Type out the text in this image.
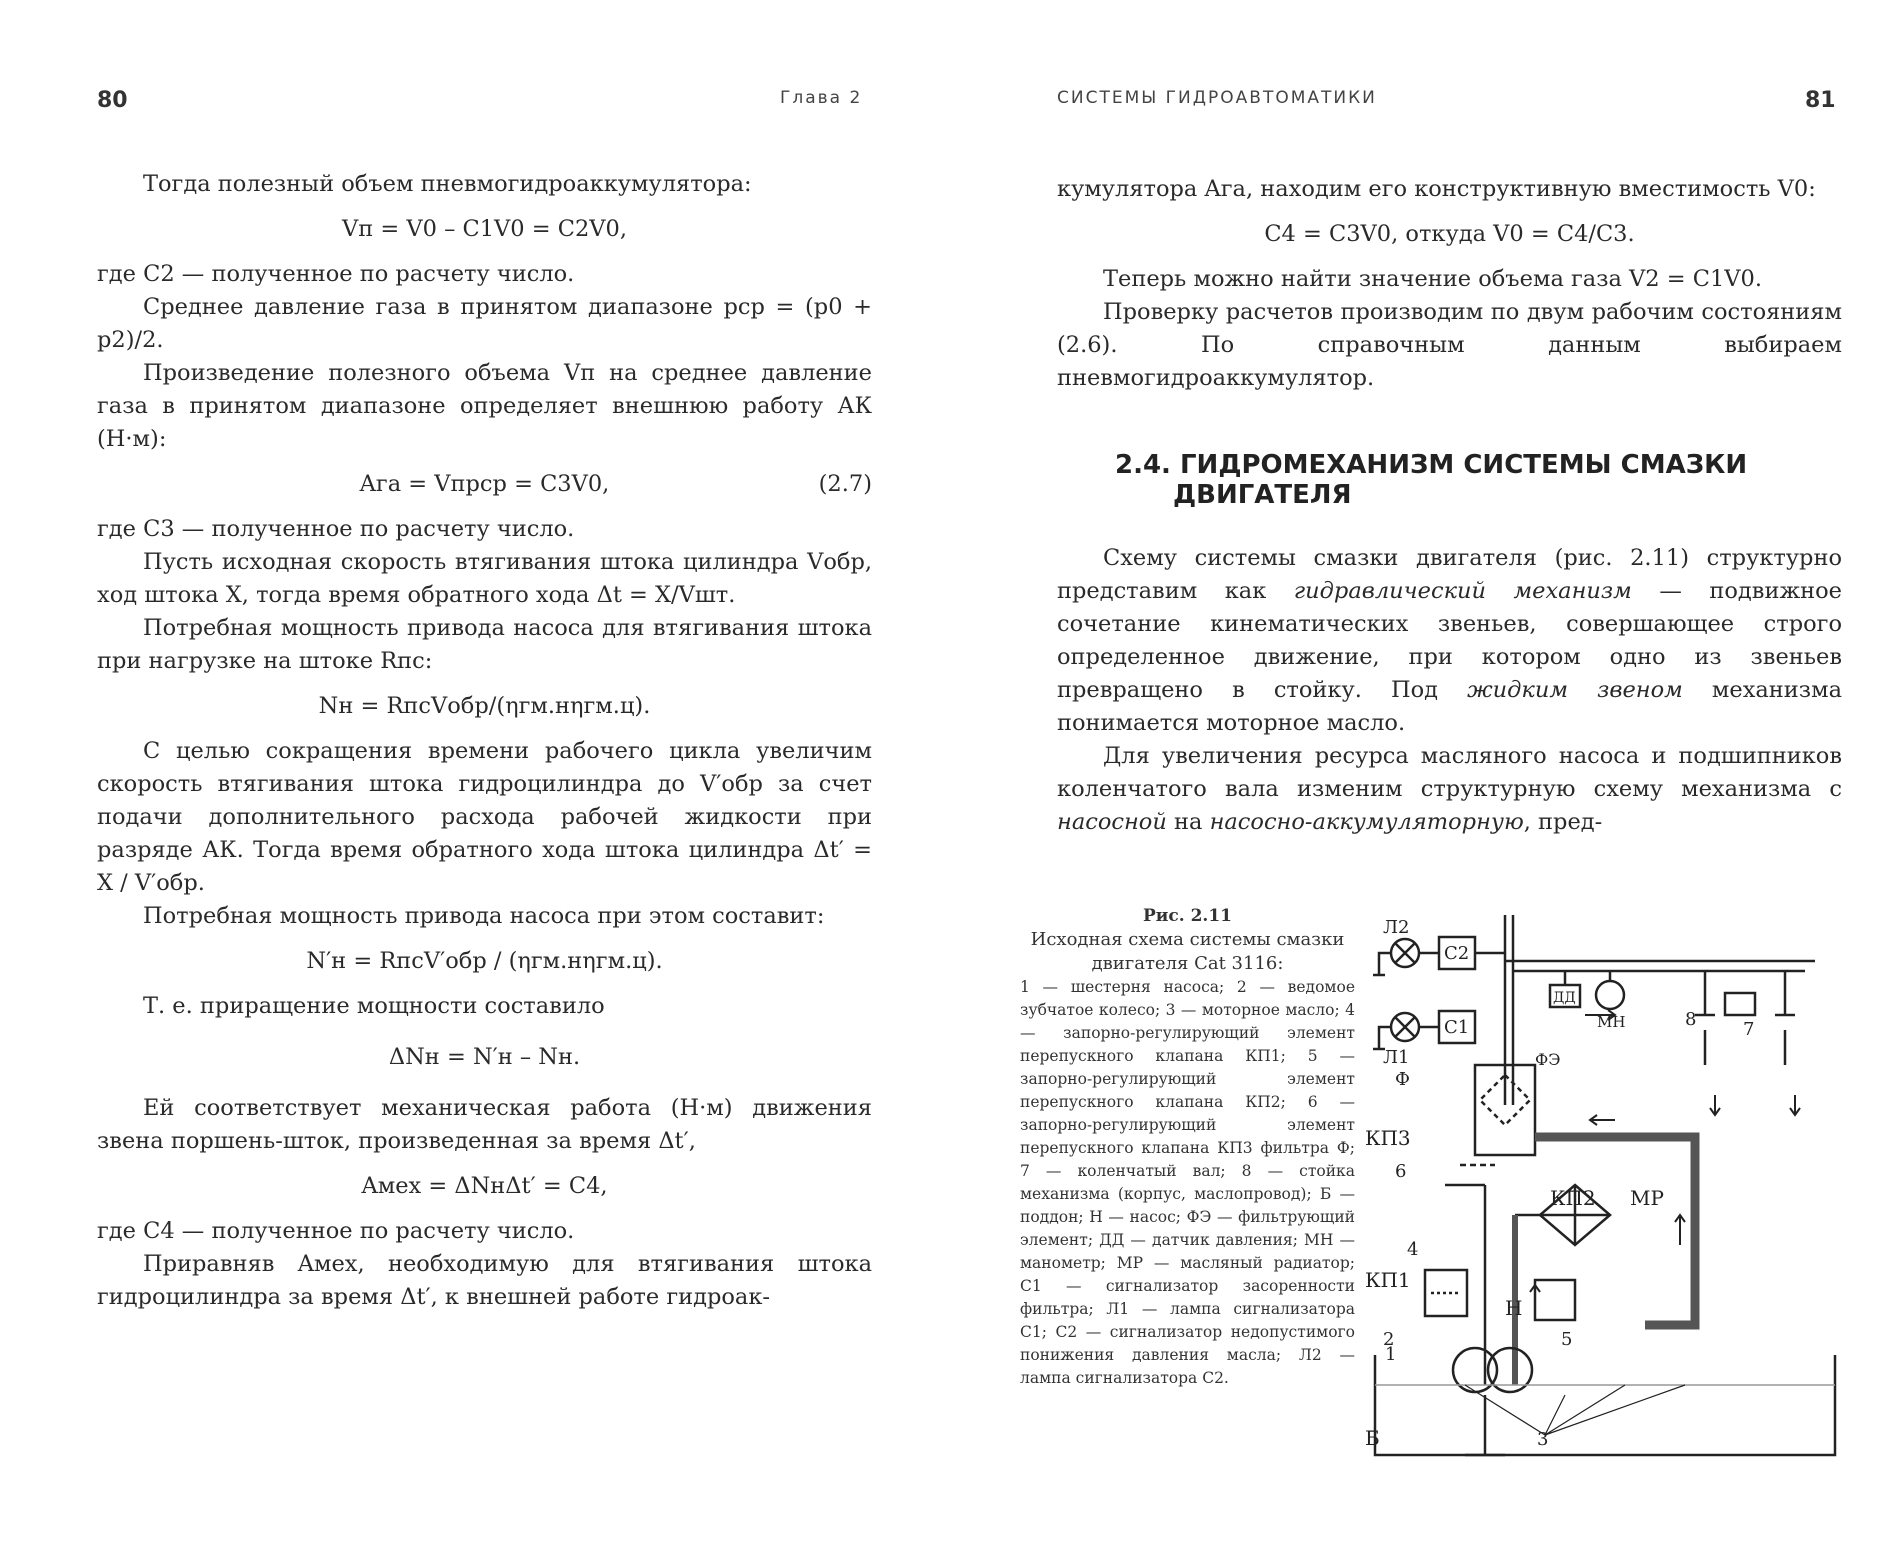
80	Глава 2

Тогда полезный объем пневмогидроаккумулятора:

Vп = V0 – C1V0 = C2V0,

где C2 — полученное по расчету число.

Среднее давление газа в принятом диапазоне pср = (p0 + p2)/2.

Произведение полезного объема Vп на среднее давление газа в принятом диапазоне определяет внешнюю работу АК (Н·м):

Aга = Vпpср = C3V0,	(2.7)

где C3 — полученное по расчету число.

Пусть исходная скорость втягивания штока цилиндра Vобр, ход штока X, тогда время обратного хода Δt = X/Vшт.

Потребная мощность привода насоса для втягивания штока при нагрузке на штоке Rпс:

Nн = RпсVобр/(ηгм.нηгм.ц).

С целью сокращения времени рабочего цикла увеличим скорость втягивания штока гидроцилиндра до V′обр за счет подачи дополнительного расхода рабочей жидкости при разряде АК. Тогда время обратного хода штока цилиндра Δt′ = X / V′обр.

Потребная мощность привода насоса при этом составит:

N′н = RпсV′обр / (ηгм.нηгм.ц).

Т. е. приращение мощности составило

ΔNн = N′н – Nн.

Ей соответствует механическая работа (Н·м) движения звена поршень-шток, произведенная за время Δt′,

Aмех = ΔNнΔt′ = C4,

где C4 — полученное по расчету число.

Приравняв Aмех, необходимую для втягивания штока гидроцилиндра за время Δt′, к внешней работе гидроак-

СИСТЕМЫ ГИДРОАВТОМАТИКИ	81

кумулятора Aга, находим его конструктивную вместимость V0:

C4 = C3V0, откуда V0 = C4/C3.

Теперь можно найти значение объема газа V2 = C1V0.

Проверку расчетов производим по двум рабочим состояниям (2.6). По справочным данным выбираем пневмогидроаккумулятор.

2.4. ГИДРОМЕХАНИЗМ СИСТЕМЫ СМАЗКИ ДВИГАТЕЛЯ

Схему системы смазки двигателя (рис. 2.11) структурно представим как гидравлический механизм — подвижное сочетание кинематических звеньев, совершающее строго определенное движение, при котором одно из звеньев превращено в стойку. Под жидким звеном механизма понимается моторное масло.

Для увеличения ресурса масляного насоса и подшипников коленчатого вала изменим структурную схему механизма с насосной на насосно-аккумуляторную, пред-

Рис. 2.11
Исходная схема системы смазки двигателя Cat 3116:
1 — шестерня насоса; 2 — ведомое зубчатое колесо; 3 — моторное масло; 4 — запорно-регулирующий элемент перепускного клапана КП1; 5 — запорно-регулирующий элемент перепускного клапана КП2; 6 — запорно-регулирующий элемент перепускного клапана КП3 фильтра Ф; 7 — коленчатый вал; 8 — стойка механизма (корпус, маслопровод); Б — поддон; Н — насос; ФЭ — фильтрующий элемент; ДД — датчик давления; МН — манометр; МР — масляный радиатор; С1 — сигнализатор засоренности фильтра; Л1 — лампа сигнализатора С1; С2 — сигнализатор недопустимого понижения давления масла; Л2 — лампа сигнализатора С2.
Л2
Л1
С2
С1
ДД
МН
Ф
ФЭ
КП3
КП2
КП1
МР
Н
Б
1
2
3
4
5
6
7
8
